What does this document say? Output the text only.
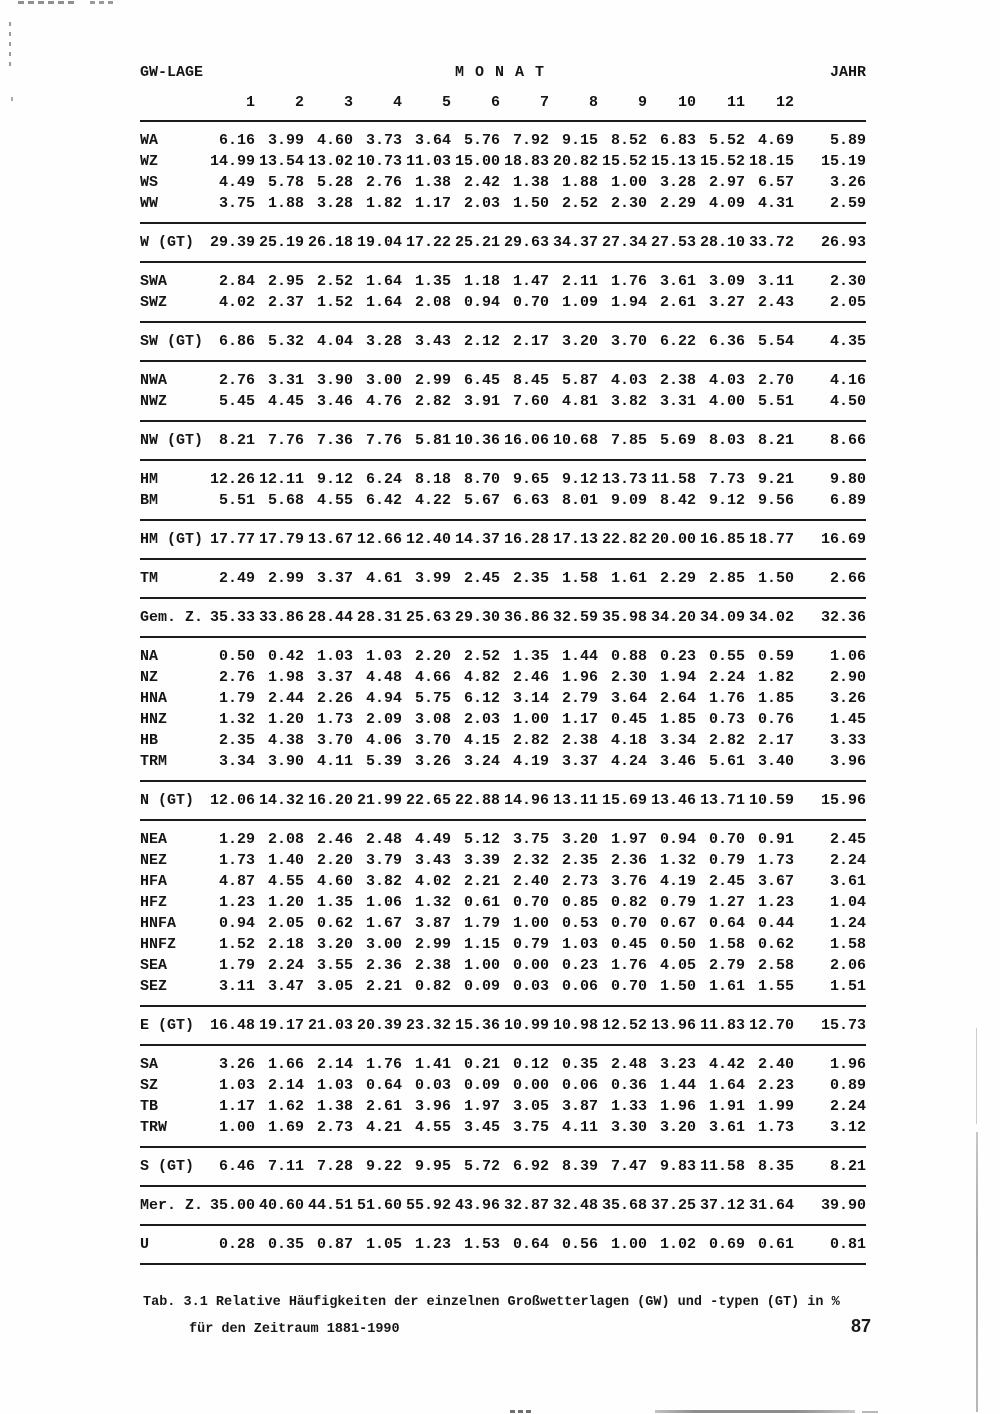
GW-LAGE	M O N A T												JAHR
	1	2	3	4	5	6	7	8	9	10	11	12	
WA	6.16	3.99	4.60	3.73	3.64	5.76	7.92	9.15	8.52	6.83	5.52	4.69	5.89
WZ	14.99	13.54	13.02	10.73	11.03	15.00	18.83	20.82	15.52	15.13	15.52	18.15	15.19
WS	4.49	5.78	5.28	2.76	1.38	2.42	1.38	1.88	1.00	3.28	2.97	6.57	3.26
WW	3.75	1.88	3.28	1.82	1.17	2.03	1.50	2.52	2.30	2.29	4.09	4.31	2.59
W (GT)	29.39	25.19	26.18	19.04	17.22	25.21	29.63	34.37	27.34	27.53	28.10	33.72	26.93
SWA	2.84	2.95	2.52	1.64	1.35	1.18	1.47	2.11	1.76	3.61	3.09	3.11	2.30
SWZ	4.02	2.37	1.52	1.64	2.08	0.94	0.70	1.09	1.94	2.61	3.27	2.43	2.05
SW (GT)	6.86	5.32	4.04	3.28	3.43	2.12	2.17	3.20	3.70	6.22	6.36	5.54	4.35
NWA	2.76	3.31	3.90	3.00	2.99	6.45	8.45	5.87	4.03	2.38	4.03	2.70	4.16
NWZ	5.45	4.45	3.46	4.76	2.82	3.91	7.60	4.81	3.82	3.31	4.00	5.51	4.50
NW (GT)	8.21	7.76	7.36	7.76	5.81	10.36	16.06	10.68	7.85	5.69	8.03	8.21	8.66
HM	12.26	12.11	9.12	6.24	8.18	8.70	9.65	9.12	13.73	11.58	7.73	9.21	9.80
BM	5.51	5.68	4.55	6.42	4.22	5.67	6.63	8.01	9.09	8.42	9.12	9.56	6.89
HM (GT)	17.77	17.79	13.67	12.66	12.40	14.37	16.28	17.13	22.82	20.00	16.85	18.77	16.69
TM	2.49	2.99	3.37	4.61	3.99	2.45	2.35	1.58	1.61	2.29	2.85	1.50	2.66
Gem. Z.	35.33	33.86	28.44	28.31	25.63	29.30	36.86	32.59	35.98	34.20	34.09	34.02	32.36
NA	0.50	0.42	1.03	1.03	2.20	2.52	1.35	1.44	0.88	0.23	0.55	0.59	1.06
NZ	2.76	1.98	3.37	4.48	4.66	4.82	2.46	1.96	2.30	1.94	2.24	1.82	2.90
HNA	1.79	2.44	2.26	4.94	5.75	6.12	3.14	2.79	3.64	2.64	1.76	1.85	3.26
HNZ	1.32	1.20	1.73	2.09	3.08	2.03	1.00	1.17	0.45	1.85	0.73	0.76	1.45
HB	2.35	4.38	3.70	4.06	3.70	4.15	2.82	2.38	4.18	3.34	2.82	2.17	3.33
TRM	3.34	3.90	4.11	5.39	3.26	3.24	4.19	3.37	4.24	3.46	5.61	3.40	3.96
N (GT)	12.06	14.32	16.20	21.99	22.65	22.88	14.96	13.11	15.69	13.46	13.71	10.59	15.96
NEA	1.29	2.08	2.46	2.48	4.49	5.12	3.75	3.20	1.97	0.94	0.70	0.91	2.45
NEZ	1.73	1.40	2.20	3.79	3.43	3.39	2.32	2.35	2.36	1.32	0.79	1.73	2.24
HFA	4.87	4.55	4.60	3.82	4.02	2.21	2.40	2.73	3.76	4.19	2.45	3.67	3.61
HFZ	1.23	1.20	1.35	1.06	1.32	0.61	0.70	0.85	0.82	0.79	1.27	1.23	1.04
HNFA	0.94	2.05	0.62	1.67	3.87	1.79	1.00	0.53	0.70	0.67	0.64	0.44	1.24
HNFZ	1.52	2.18	3.20	3.00	2.99	1.15	0.79	1.03	0.45	0.50	1.58	0.62	1.58
SEA	1.79	2.24	3.55	2.36	2.38	1.00	0.00	0.23	1.76	4.05	2.79	2.58	2.06
SEZ	3.11	3.47	3.05	2.21	0.82	0.09	0.03	0.06	0.70	1.50	1.61	1.55	1.51
E (GT)	16.48	19.17	21.03	20.39	23.32	15.36	10.99	10.98	12.52	13.96	11.83	12.70	15.73
SA	3.26	1.66	2.14	1.76	1.41	0.21	0.12	0.35	2.48	3.23	4.42	2.40	1.96
SZ	1.03	2.14	1.03	0.64	0.03	0.09	0.00	0.06	0.36	1.44	1.64	2.23	0.89
TB	1.17	1.62	1.38	2.61	3.96	1.97	3.05	3.87	1.33	1.96	1.91	1.99	2.24
TRW	1.00	1.69	2.73	4.21	4.55	3.45	3.75	4.11	3.30	3.20	3.61	1.73	3.12
S (GT)	6.46	7.11	7.28	9.22	9.95	5.72	6.92	8.39	7.47	9.83	11.58	8.35	8.21
Mer. Z.	35.00	40.60	44.51	51.60	55.92	43.96	32.87	32.48	35.68	37.25	37.12	31.64	39.90
U	0.28	0.35	0.87	1.05	1.23	1.53	0.64	0.56	1.00	1.02	0.69	0.61	0.81
Tab. 3.1 Relative Häufigkeiten der einzelnen Großwetterlagen (GW) und -typen (GT) in %
für den Zeitraum 1881-1990	87
